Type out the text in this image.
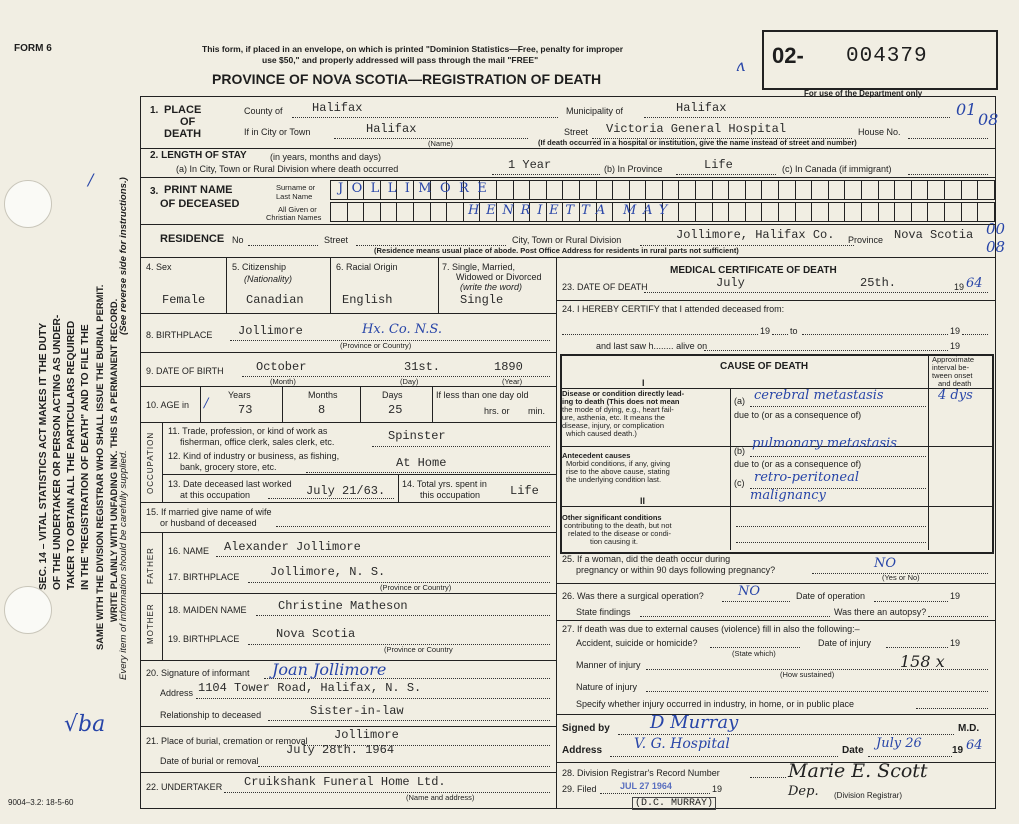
FORM 6
SEC. 14 – VITAL STATISTICS ACT MAKES IT THE DUTY OF THE UNDERTAKER OR PERSON ACTING AS UNDER- TAKER TO OBTAIN ALL THE PARTICULARS REQUIRED IN THE "REGISTRATION OF DEATH" AND TO FILE THE SAME WITH THE DIVISION REGISTRAR WHO SHALL ISSUE THE BURIAL PERMIT. WRITE PLAINLY WITH UNFADING INK. THIS IS A PERMANENT RECORD.
(See reverse side for instructions.)
Every item of information should be carefully supplied.
9004–3.2: 18-5-60
√ba
/
This form, if placed in an envelope, on which is printed "Dominion Statistics—Free, penalty for improper
use $50," and properly addressed will pass through the mail "FREE"
PROVINCE OF NOVA SCOTIA—REGISTRATION OF DEATH
02- 004379
For use of the Department only
01
08
00
08
ʌ
1. PLACE
OF
DEATH
County of Halifax	Municipality of	Halifax
If in City or Town	Halifax
(Name)
Street Victoria General Hospital	House No.
(If death occurred in a hospital or institution, give the name instead of street and number)
2. LENGTH OF STAY	(in years, months and days)
(a) In City, Town or Rural Division where death occurred	1 Year	(b) In Province	Life	(c) In Canada (if immigrant)
3. PRINT NAME
OF DECEASED
Surname or
Last Name
All Given or
Christian Names
JOLLIMORE
HENRIETTA MAY
RESIDENCE No	Street	City, Town or Rural Division	Jollimore, Halifax Co. Province Nova Scotia
(Residence means usual place of abode. Post Office Address for residents in rural parts not sufficient)
4. Sex
Female
5. Citizenship
(Nationality)
Canadian
6. Racial Origin
English
7. Single, Married,
Widowed or Divorced
(write the word)
Single
8. BIRTHPLACE Jollimore	Hx. Co. N.S.
(Province or Country)
9. DATE OF BIRTH	October	31st.	1890
(Month)	(Day)	(Year)
10. AGE in
Years
73
Months
8
Days
25
If less than one day old
hrs. or min.
/
OCCUPATION
11. Trade, profession, or kind of work as
fisherman, office clerk, sales clerk, etc.	Spinster
12. Kind of industry or business, as fishing,
bank, grocery store, etc.	At Home
13. Date deceased last worked
at this occupation	July 21/63. 14. Total yrs. spent in
this occupation Life
15. If married give name of wife
or husband of deceased
FATHER 16. NAME Alexander Jollimore
17. BIRTHPLACE	Jollimore, N. S.
(Province or Country)
MOTHER 18. MAIDEN NAME	Christine Matheson
19. BIRTHPLACE	Nova Scotia
(Province or Country
20. Signature of informant Joan Jollimore
Address 1104 Tower Road, Halifax, N. S.
Relationship to deceased	Sister-in-law
21. Place of burial, cremation or removal Jollimore
July 28th. 1964
Date of burial or removal
22. UNDERTAKER Cruikshank Funeral Home Ltd.
(Name and address)
MEDICAL CERTIFICATE OF DEATH
23. DATE OF DEATH	July	25th.	19 64
24. I HEREBY CERTIFY that I attended deceased from:
19 to	19
and last saw h........ alive on	19
CAUSE OF DEATH
Approximate
interval be-
tween onset
and death
I
Disease or condition directly lead-
ing to death (This does not mean
the mode of dying, e.g., heart fail-
ure, asthenia, etc. It means the
disease, injury, or complication
which caused death.)
(a) cerebral metastasis	4 dys
due to (or as a consequence of)
Antecedent causes
Morbid conditions, if any, giving
rise to the above cause, stating
the underlying condition last.
(b) pulmonary metastasis
due to (or as a consequence of)
(c) retro-peritoneal
malignancy
II
Other significant conditions
contributing to the death, but not
related to the disease or condi-
tion causing it.
25. If a woman, did the death occur during
pregnancy or within 90 days following pregnancy?	NO
(Yes or No)
26. Was there a surgical operation?	NO	Date of operation	19
State findings	Was there an autopsy?
27. If death was due to external causes (violence) fill in also the following:–
Accident, suicide or homicide?	Date of injury	19
(State which)
Manner of injury	158 x
(How sustained)
Nature of injury
Specify whether injury occurred in industry, in home, or in public place
Signed by D Murray	M.D.
Address V. G. Hospital	Date July 26	19 64
28. Division Registrar's Record Number	Marie E. Scott
29. Filed	JUL 27 1964	19
(D.C. MURRAY)
Dep. (Division Registrar)
